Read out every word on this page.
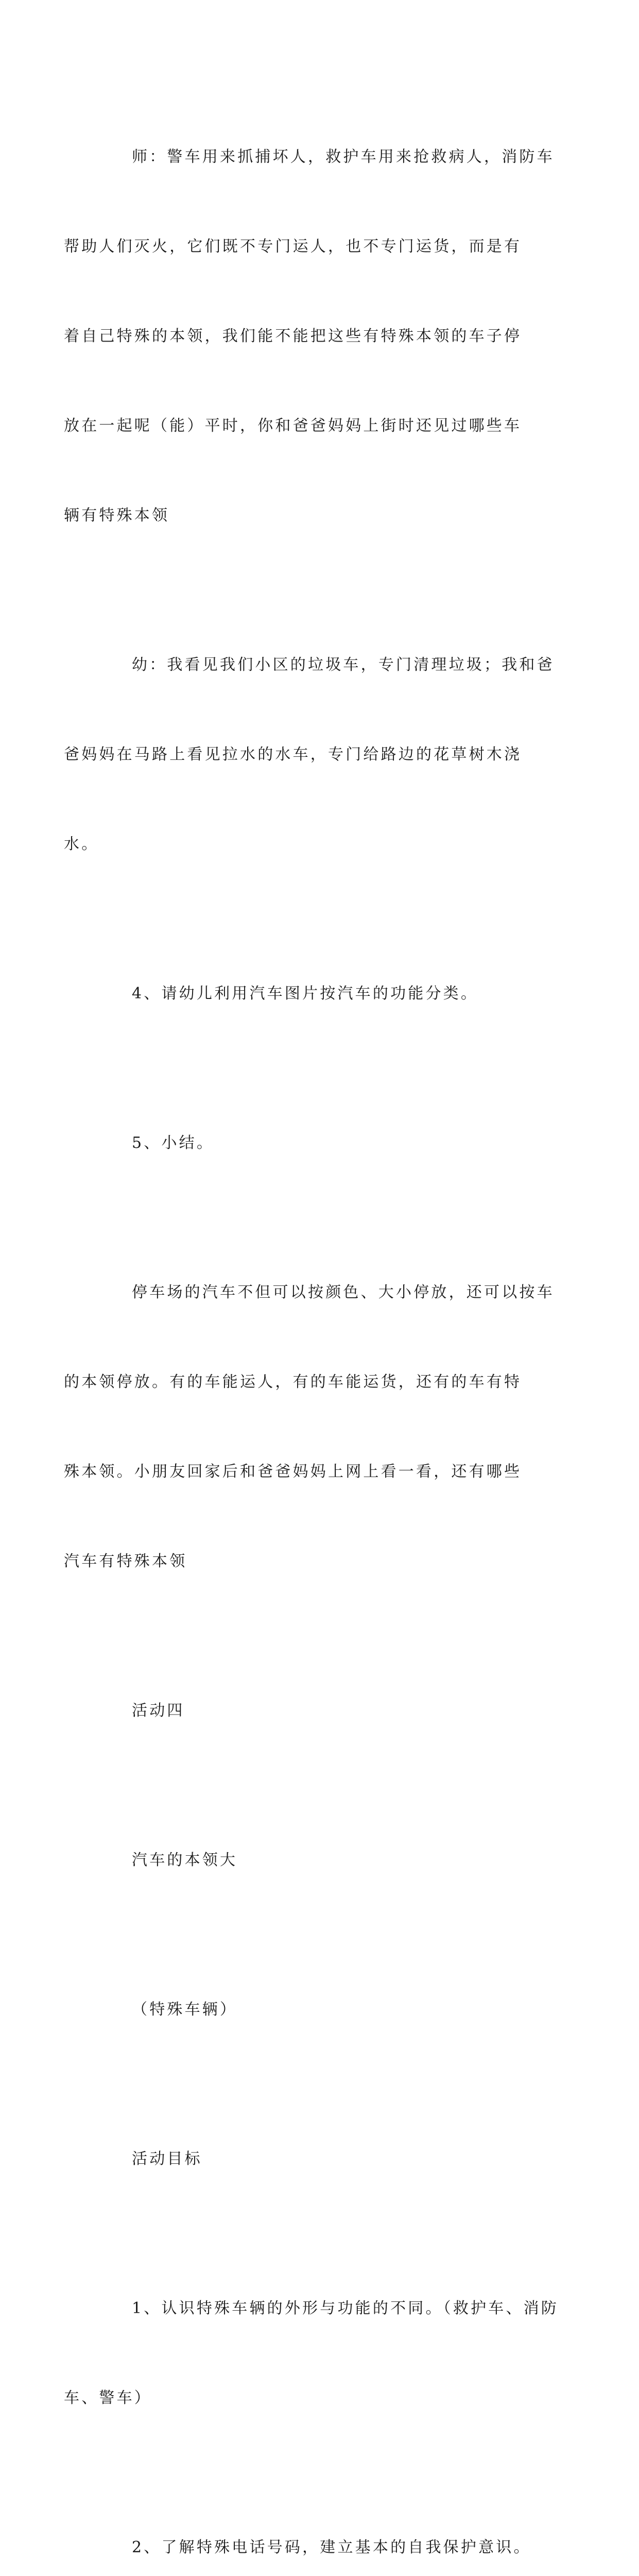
师：警车用来抓捕坏人，救护车用来抢救病人，消防车

帮助人们灭火，它们既不专门运人，也不专门运货，而是有

着自己特殊的本领，我们能不能把这些有特殊本领的车子停

放在一起呢（能）平时，你和爸爸妈妈上街时还见过哪些车

辆有特殊本领

幼：我看见我们小区的垃圾车，专门清理垃圾；我和爸

爸妈妈在马路上看见拉水的水车，专门给路边的花草树木浇

水。

4、请幼儿利用汽车图片按汽车的功能分类。

5、小结。

停车场的汽车不但可以按颜色、大小停放，还可以按车

的本领停放。有的车能运人，有的车能运货，还有的车有特

殊本领。小朋友回家后和爸爸妈妈上网上看一看，还有哪些

汽车有特殊本领

活动四

汽车的本领大

（特殊车辆）

活动目标

1、认识特殊车辆的外形与功能的不同。（救护车、消防

车、警车）

2、了解特殊电话号码，建立基本的自我保护意识。
